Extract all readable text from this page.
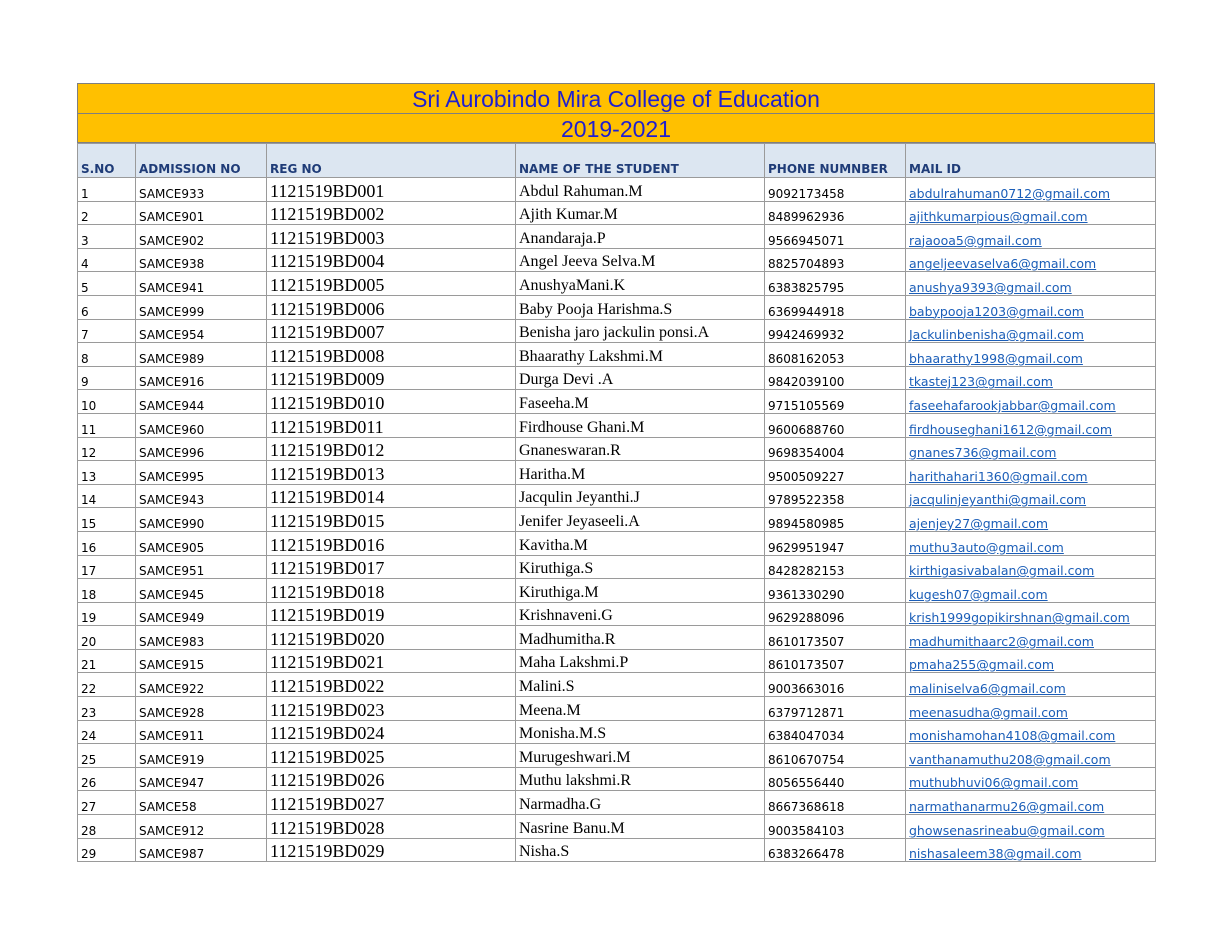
Sri Aurobindo Mira College of Education
2019-2021
S.NO	ADMISSION NO	REG NO	NAME OF THE STUDENT	PHONE NUMNBER	MAIL ID
1	SAMCE933	1121519BD001	Abdul Rahuman.M	9092173458	abdulrahuman0712@gmail.com
2	SAMCE901	1121519BD002	Ajith Kumar.M	8489962936	ajithkumarpious@gmail.com
3	SAMCE902	1121519BD003	Anandaraja.P	9566945071	rajaooa5@gmail.com
4	SAMCE938	1121519BD004	Angel Jeeva Selva.M	8825704893	angeljeevaselva6@gmail.com
5	SAMCE941	1121519BD005	AnushyaMani.K	6383825795	anushya9393@gmail.com
6	SAMCE999	1121519BD006	Baby Pooja Harishma.S	6369944918	babypooja1203@gmail.com
7	SAMCE954	1121519BD007	Benisha jaro jackulin ponsi.A	9942469932	Jackulinbenisha@gmail.com
8	SAMCE989	1121519BD008	Bhaarathy Lakshmi.M	8608162053	bhaarathy1998@gmail.com
9	SAMCE916	1121519BD009	Durga Devi .A	9842039100	tkastej123@gmail.com
10	SAMCE944	1121519BD010	Faseeha.M	9715105569	faseehafarookjabbar@gmail.com
11	SAMCE960	1121519BD011	Firdhouse Ghani.M	9600688760	firdhouseghani1612@gmail.com
12	SAMCE996	1121519BD012	Gnaneswaran.R	9698354004	gnanes736@gmail.com
13	SAMCE995	1121519BD013	Haritha.M	9500509227	harithahari1360@gmail.com
14	SAMCE943	1121519BD014	Jacqulin Jeyanthi.J	9789522358	jacqulinjeyanthi@gmail.com
15	SAMCE990	1121519BD015	Jenifer Jeyaseeli.A	9894580985	ajenjey27@gmail.com
16	SAMCE905	1121519BD016	Kavitha.M	9629951947	muthu3auto@gmail.com
17	SAMCE951	1121519BD017	Kiruthiga.S	8428282153	kirthigasivabalan@gmail.com
18	SAMCE945	1121519BD018	Kiruthiga.M	9361330290	kugesh07@gmail.com
19	SAMCE949	1121519BD019	Krishnaveni.G	9629288096	krish1999gopikirshnan@gmail.com
20	SAMCE983	1121519BD020	Madhumitha.R	8610173507	madhumithaarc2@gmail.com
21	SAMCE915	1121519BD021	Maha Lakshmi.P	8610173507	pmaha255@gmail.com
22	SAMCE922	1121519BD022	Malini.S	9003663016	maliniselva6@gmail.com
23	SAMCE928	1121519BD023	Meena.M	6379712871	meenasudha@gmail.com
24	SAMCE911	1121519BD024	Monisha.M.S	6384047034	monishamohan4108@gmail.com
25	SAMCE919	1121519BD025	Murugeshwari.M	8610670754	vanthanamuthu208@gmail.com
26	SAMCE947	1121519BD026	Muthu lakshmi.R	8056556440	muthubhuvi06@gmail.com
27	SAMCE58	1121519BD027	Narmadha.G	8667368618	narmathanarmu26@gmail.com
28	SAMCE912	1121519BD028	Nasrine Banu.M	9003584103	ghowsenasrineabu@gmail.com
29	SAMCE987	1121519BD029	Nisha.S	6383266478	nishasaleem38@gmail.com
